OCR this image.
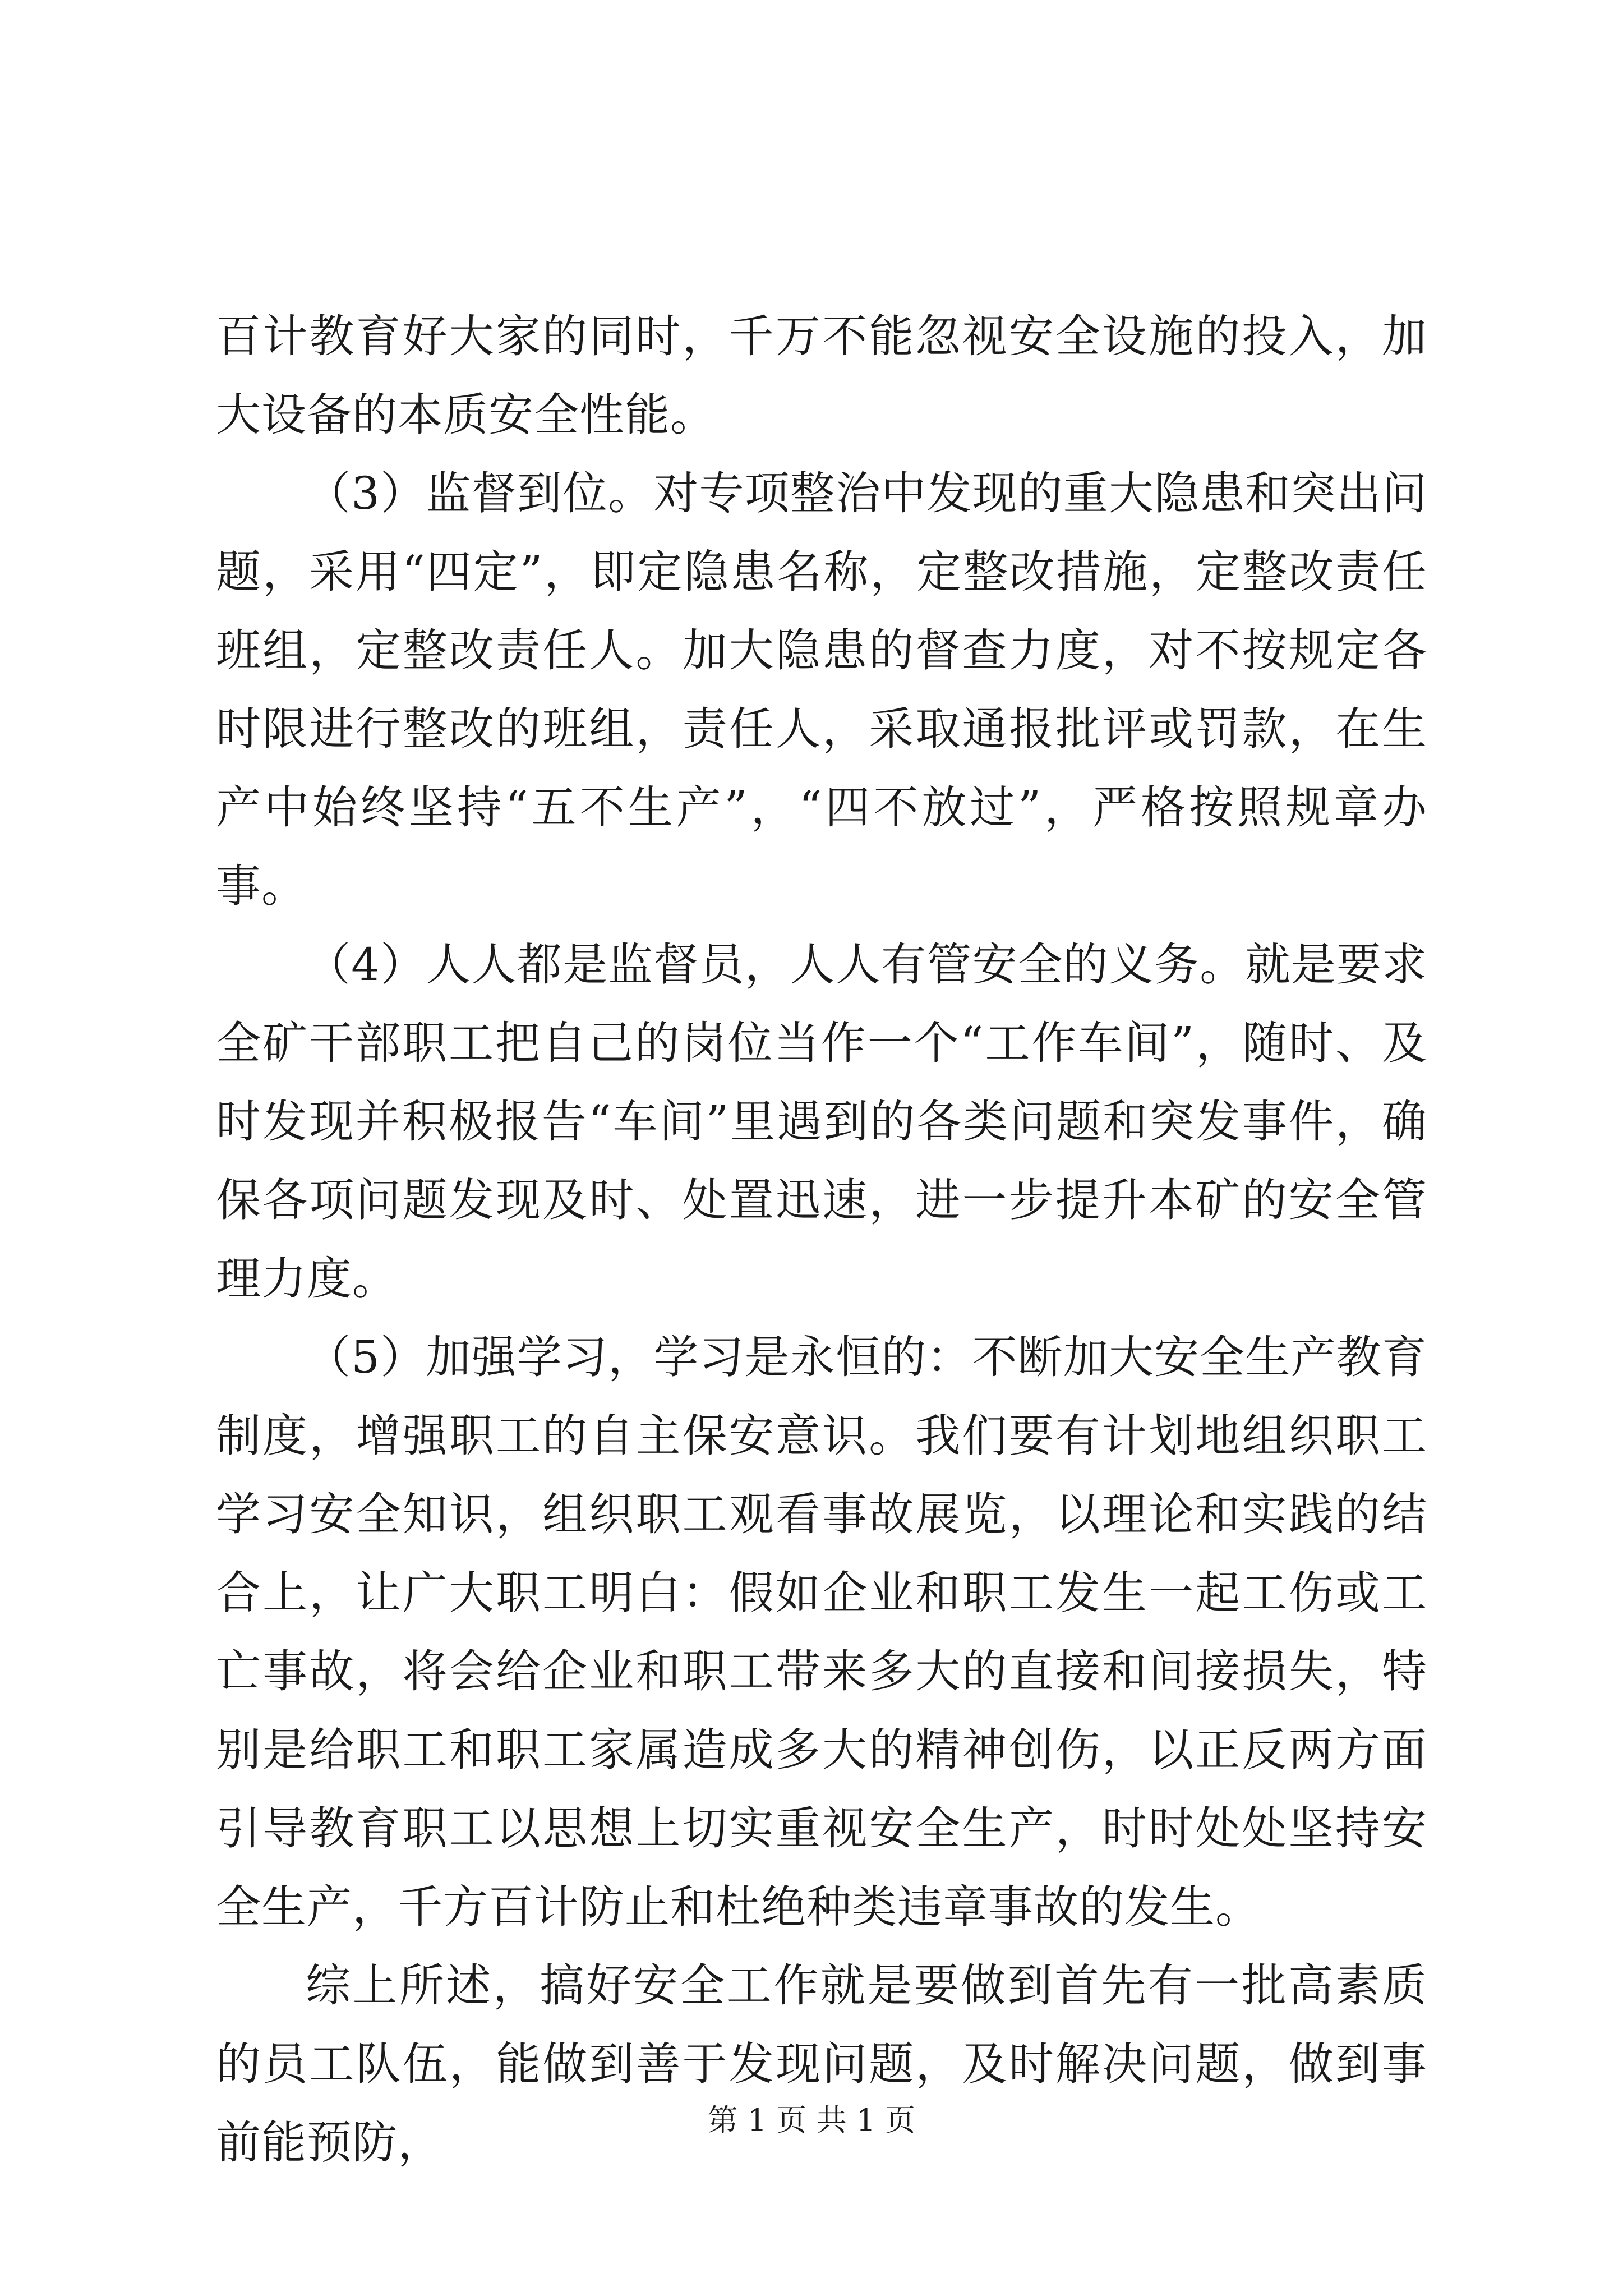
百计教育好大家的同时，千万不能忽视安全设施的投入，加大设备的本质安全性能。

（3）监督到位。对专项整治中发现的重大隐患和突出问题，采用“四定”，即定隐患名称，定整改措施，定整改责任班组，定整改责任人。加大隐患的督查力度，对不按规定各时限进行整改的班组，责任人，采取通报批评或罚款，在生产中始终坚持“五不生产”，“四不放过”，严格按照规章办事。

（4）人人都是监督员，人人有管安全的义务。就是要求全矿干部职工把自己的岗位当作一个“工作车间”，随时、及时发现并积极报告“车间”里遇到的各类问题和突发事件，确保各项问题发现及时、处置迅速，进一步提升本矿的安全管理力度。

（5）加强学习，学习是永恒的：不断加大安全生产教育制度，增强职工的自主保安意识。我们要有计划地组织职工学习安全知识，组织职工观看事故展览，以理论和实践的结合上，让广大职工明白：假如企业和职工发生一起工伤或工亡事故，将会给企业和职工带来多大的直接和间接损失，特别是给职工和职工家属造成多大的精神创伤，以正反两方面引导教育职工以思想上切实重视安全生产，时时处处坚持安全生产，千方百计防止和杜绝种类违章事故的发生。

综上所述，搞好安全工作就是要做到首先有一批高素质的员工队伍，能做到善于发现问题，及时解决问题，做到事前能预防，	第 1 页 共 1 页
